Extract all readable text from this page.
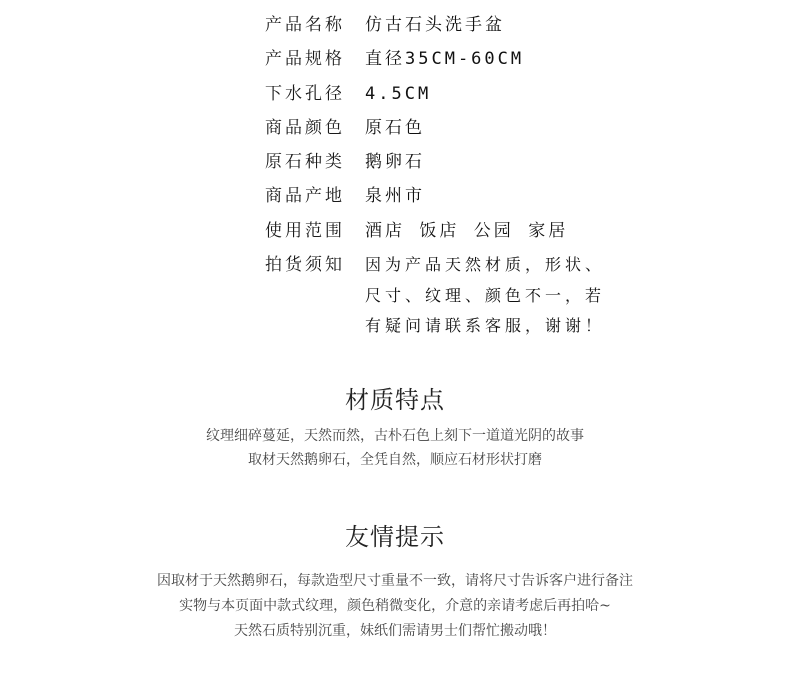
产品名称	仿古石头洗手盆
产品规格	直径35CM-60CM
下水孔径	4.5CM
商品颜色	原石色
原石种类	鹅卵石
商品产地	泉州市
使用范围	酒店 饭店 公园 家居
拍货须知	因为产品天然材质，形状、
尺寸、纹理、颜色不一，若
有疑问请联系客服，谢谢！
材质特点
纹理细碎蔓延，天然而然，古朴石色上刻下一道道光阴的故事
取材天然鹅卵石，全凭自然，顺应石材形状打磨
友情提示
因取材于天然鹅卵石，每款造型尺寸重量不一致，请将尺寸告诉客户进行备注
实物与本页面中款式纹理，颜色稍微变化，介意的亲请考虑后再拍哈~
天然石质特别沉重，妹纸们需请男士们帮忙搬动哦！
